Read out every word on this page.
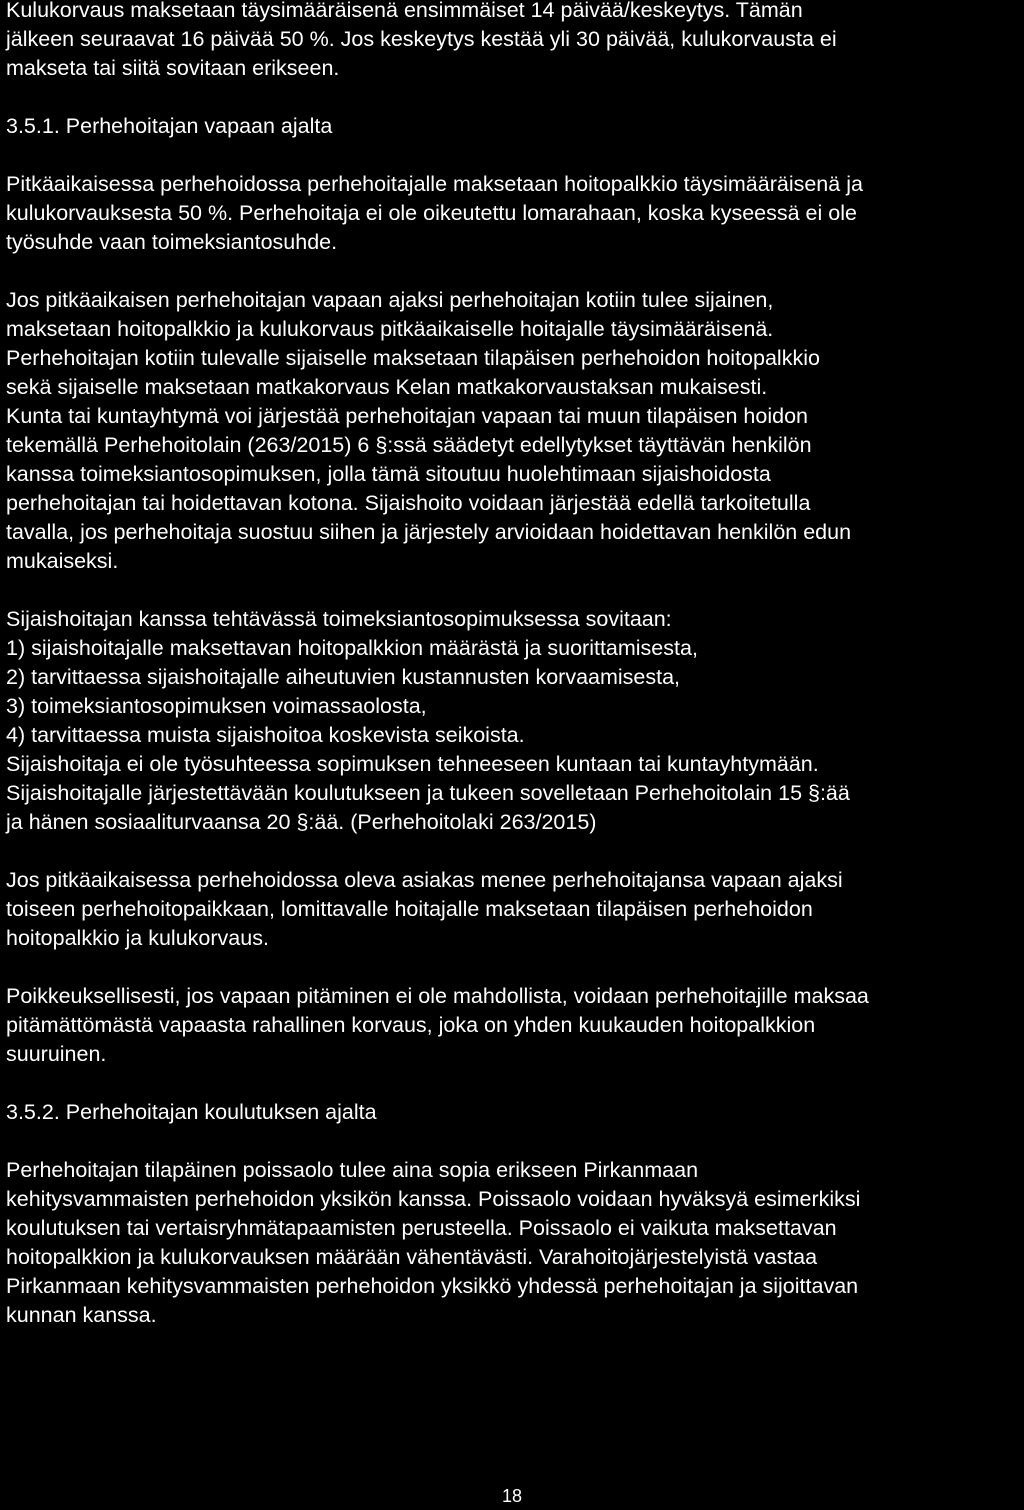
Kulukorvaus maksetaan täysimääräisenä ensimmäiset 14 päivää/keskeytys. Tämän
jälkeen seuraavat 16 päivää 50 %. Jos keskeytys kestää yli 30 päivää, kulukorvausta ei
makseta tai siitä sovitaan erikseen.

3.5.1. Perhehoitajan vapaan ajalta

Pitkäaikaisessa perhehoidossa perhehoitajalle maksetaan hoitopalkkio täysimääräisenä ja
kulukorvauksesta 50 %. Perhehoitaja ei ole oikeutettu lomarahaan, koska kyseessä ei ole
työsuhde vaan toimeksiantosuhde.

Jos pitkäaikaisen perhehoitajan vapaan ajaksi perhehoitajan kotiin tulee sijainen,
maksetaan hoitopalkkio ja kulukorvaus pitkäaikaiselle hoitajalle täysimääräisenä.
Perhehoitajan kotiin tulevalle sijaiselle maksetaan tilapäisen perhehoidon hoitopalkkio
sekä sijaiselle maksetaan matkakorvaus Kelan matkakorvaustaksan mukaisesti.
Kunta tai kuntayhtymä voi järjestää perhehoitajan vapaan tai muun tilapäisen hoidon
tekemällä Perhehoitolain (263/2015) 6 §:ssä säädetyt edellytykset täyttävän henkilön
kanssa toimeksiantosopimuksen, jolla tämä sitoutuu huolehtimaan sijaishoidosta
perhehoitajan tai hoidettavan kotona. Sijaishoito voidaan järjestää edellä tarkoitetulla
tavalla, jos perhehoitaja suostuu siihen ja järjestely arvioidaan hoidettavan henkilön edun
mukaiseksi.

Sijaishoitajan kanssa tehtävässä toimeksiantosopimuksessa sovitaan:
1) sijaishoitajalle maksettavan hoitopalkkion määrästä ja suorittamisesta,
2) tarvittaessa sijaishoitajalle aiheutuvien kustannusten korvaamisesta,
3) toimeksiantosopimuksen voimassaolosta,
4) tarvittaessa muista sijaishoitoa koskevista seikoista.
Sijaishoitaja ei ole työsuhteessa sopimuksen tehneeseen kuntaan tai kuntayhtymään.
Sijaishoitajalle järjestettävään koulutukseen ja tukeen sovelletaan Perhehoitolain 15 §:ää
ja hänen sosiaaliturvaansa 20 §:ää. (Perhehoitolaki 263/2015)

Jos pitkäaikaisessa perhehoidossa oleva asiakas menee perhehoitajansa vapaan ajaksi
toiseen perhehoitopaikkaan, lomittavalle hoitajalle maksetaan tilapäisen perhehoidon
hoitopalkkio ja kulukorvaus.

Poikkeuksellisesti, jos vapaan pitäminen ei ole mahdollista, voidaan perhehoitajille maksaa
pitämättömästä vapaasta rahallinen korvaus, joka on yhden kuukauden hoitopalkkion
suuruinen.

3.5.2. Perhehoitajan koulutuksen ajalta

Perhehoitajan tilapäinen poissaolo tulee aina sopia erikseen Pirkanmaan
kehitysvammaisten perhehoidon yksikön kanssa. Poissaolo voidaan hyväksyä esimerkiksi
koulutuksen tai vertaisryhmätapaamisten perusteella. Poissaolo ei vaikuta maksettavan
hoitopalkkion ja kulukorvauksen määrään vähentävästi. Varahoitojärjestelyistä vastaa
Pirkanmaan kehitysvammaisten perhehoidon yksikkö yhdessä perhehoitajan ja sijoittavan
kunnan kanssa.

18
